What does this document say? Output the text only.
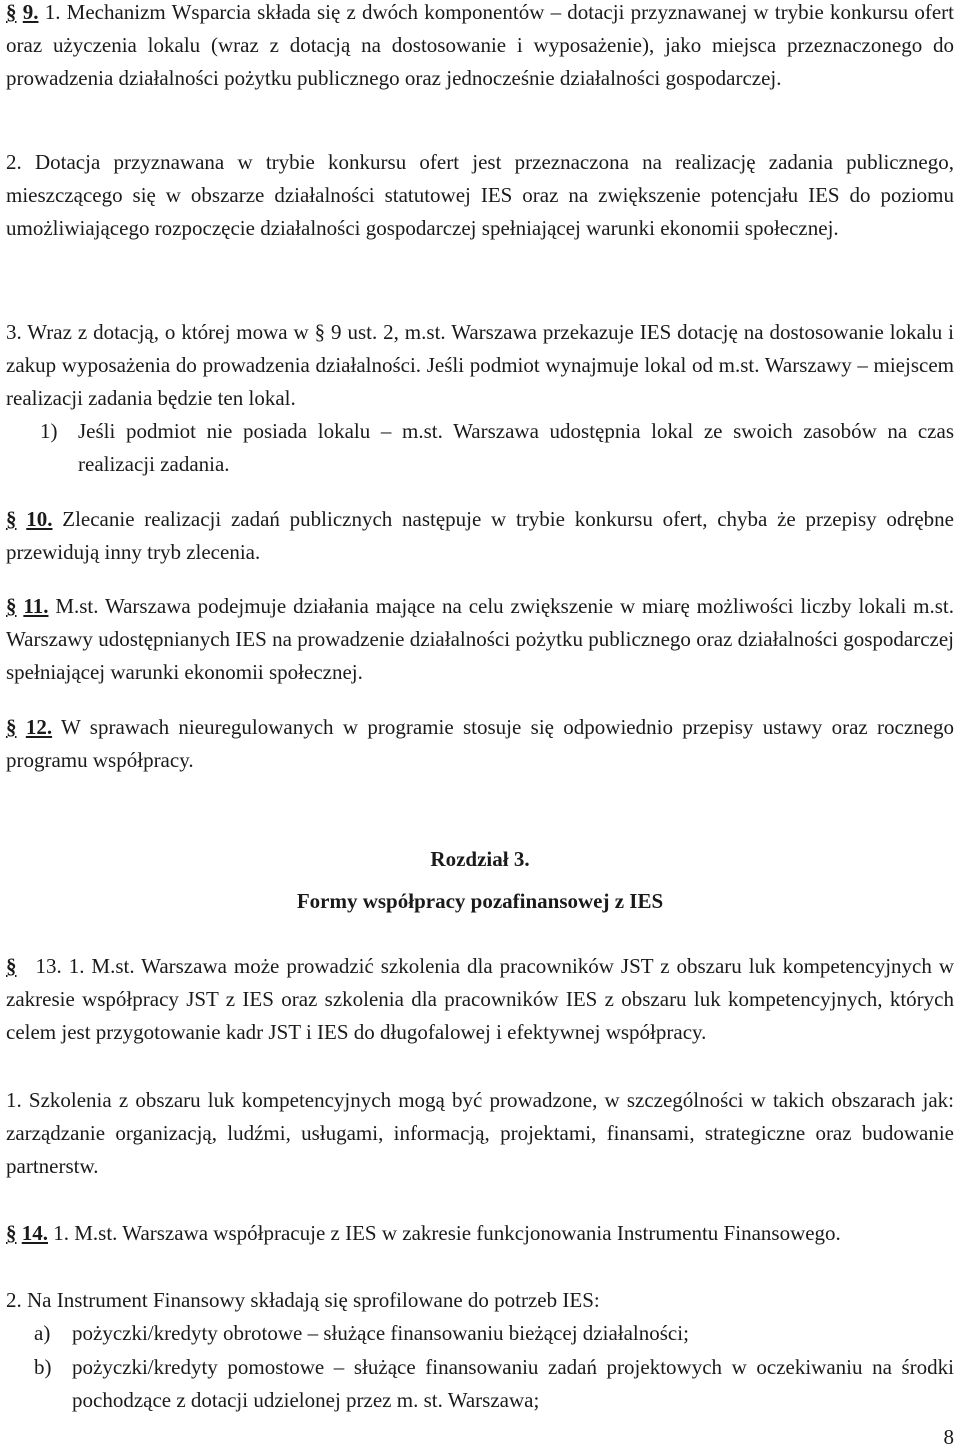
§ 9. 1. Mechanizm Wsparcia składa się z dwóch komponentów – dotacji przyznawanej w trybie konkursu ofert oraz użyczenia lokalu (wraz z dotacją na dostosowanie i wyposażenie), jako miejsca przeznaczonego do prowadzenia działalności pożytku publicznego oraz jednocześnie działalności gospodarczej.

2. Dotacja przyznawana w trybie konkursu ofert jest przeznaczona na realizację zadania publicznego, mieszczącego się w obszarze działalności statutowej IES oraz na zwiększenie potencjału IES do poziomu umożliwiającego rozpoczęcie działalności gospodarczej spełniającej warunki ekonomii społecznej.

3. Wraz z dotacją, o której mowa w § 9 ust. 2, m.st. Warszawa przekazuje IES dotację na dostosowanie lokalu i zakup wyposażenia do prowadzenia działalności. Jeśli podmiot wynajmuje lokal od m.st. Warszawy – miejscem realizacji zadania będzie ten lokal.

1) Jeśli podmiot nie posiada lokalu – m.st. Warszawa udostępnia lokal ze swoich zasobów na czas realizacji zadania.

§ 10. Zlecanie realizacji zadań publicznych następuje w trybie konkursu ofert, chyba że przepisy odrębne przewidują inny tryb zlecenia.

§ 11. M.st. Warszawa podejmuje działania mające na celu zwiększenie w miarę możliwości liczby lokali m.st. Warszawy udostępnianych IES na prowadzenie działalności pożytku publicznego oraz działalności gospodarczej spełniającej warunki ekonomii społecznej.

§ 12. W sprawach nieuregulowanych w programie stosuje się odpowiednio przepisy ustawy oraz rocznego programu współpracy.

Rozdział 3.

Formy współpracy pozafinansowej z IES

§ 13. 1. M.st. Warszawa może prowadzić szkolenia dla pracowników JST z obszaru luk kompetencyjnych w zakresie współpracy JST z IES oraz szkolenia dla pracowników IES z obszaru luk kompetencyjnych, których celem jest przygotowanie kadr JST i IES do długofalowej i efektywnej współpracy.

1. Szkolenia z obszaru luk kompetencyjnych mogą być prowadzone, w szczególności w takich obszarach jak: zarządzanie organizacją, ludźmi, usługami, informacją, projektami, finansami, strategiczne oraz budowanie partnerstw.

§ 14. 1. M.st. Warszawa współpracuje z IES w zakresie funkcjonowania Instrumentu Finansowego.

2. Na Instrument Finansowy składają się sprofilowane do potrzeb IES:

a) pożyczki/kredyty obrotowe – służące finansowaniu bieżącej działalności;

b) pożyczki/kredyty pomostowe – służące finansowaniu zadań projektowych w oczekiwaniu na środki pochodzące z dotacji udzielonej przez m. st. Warszawa;

8
